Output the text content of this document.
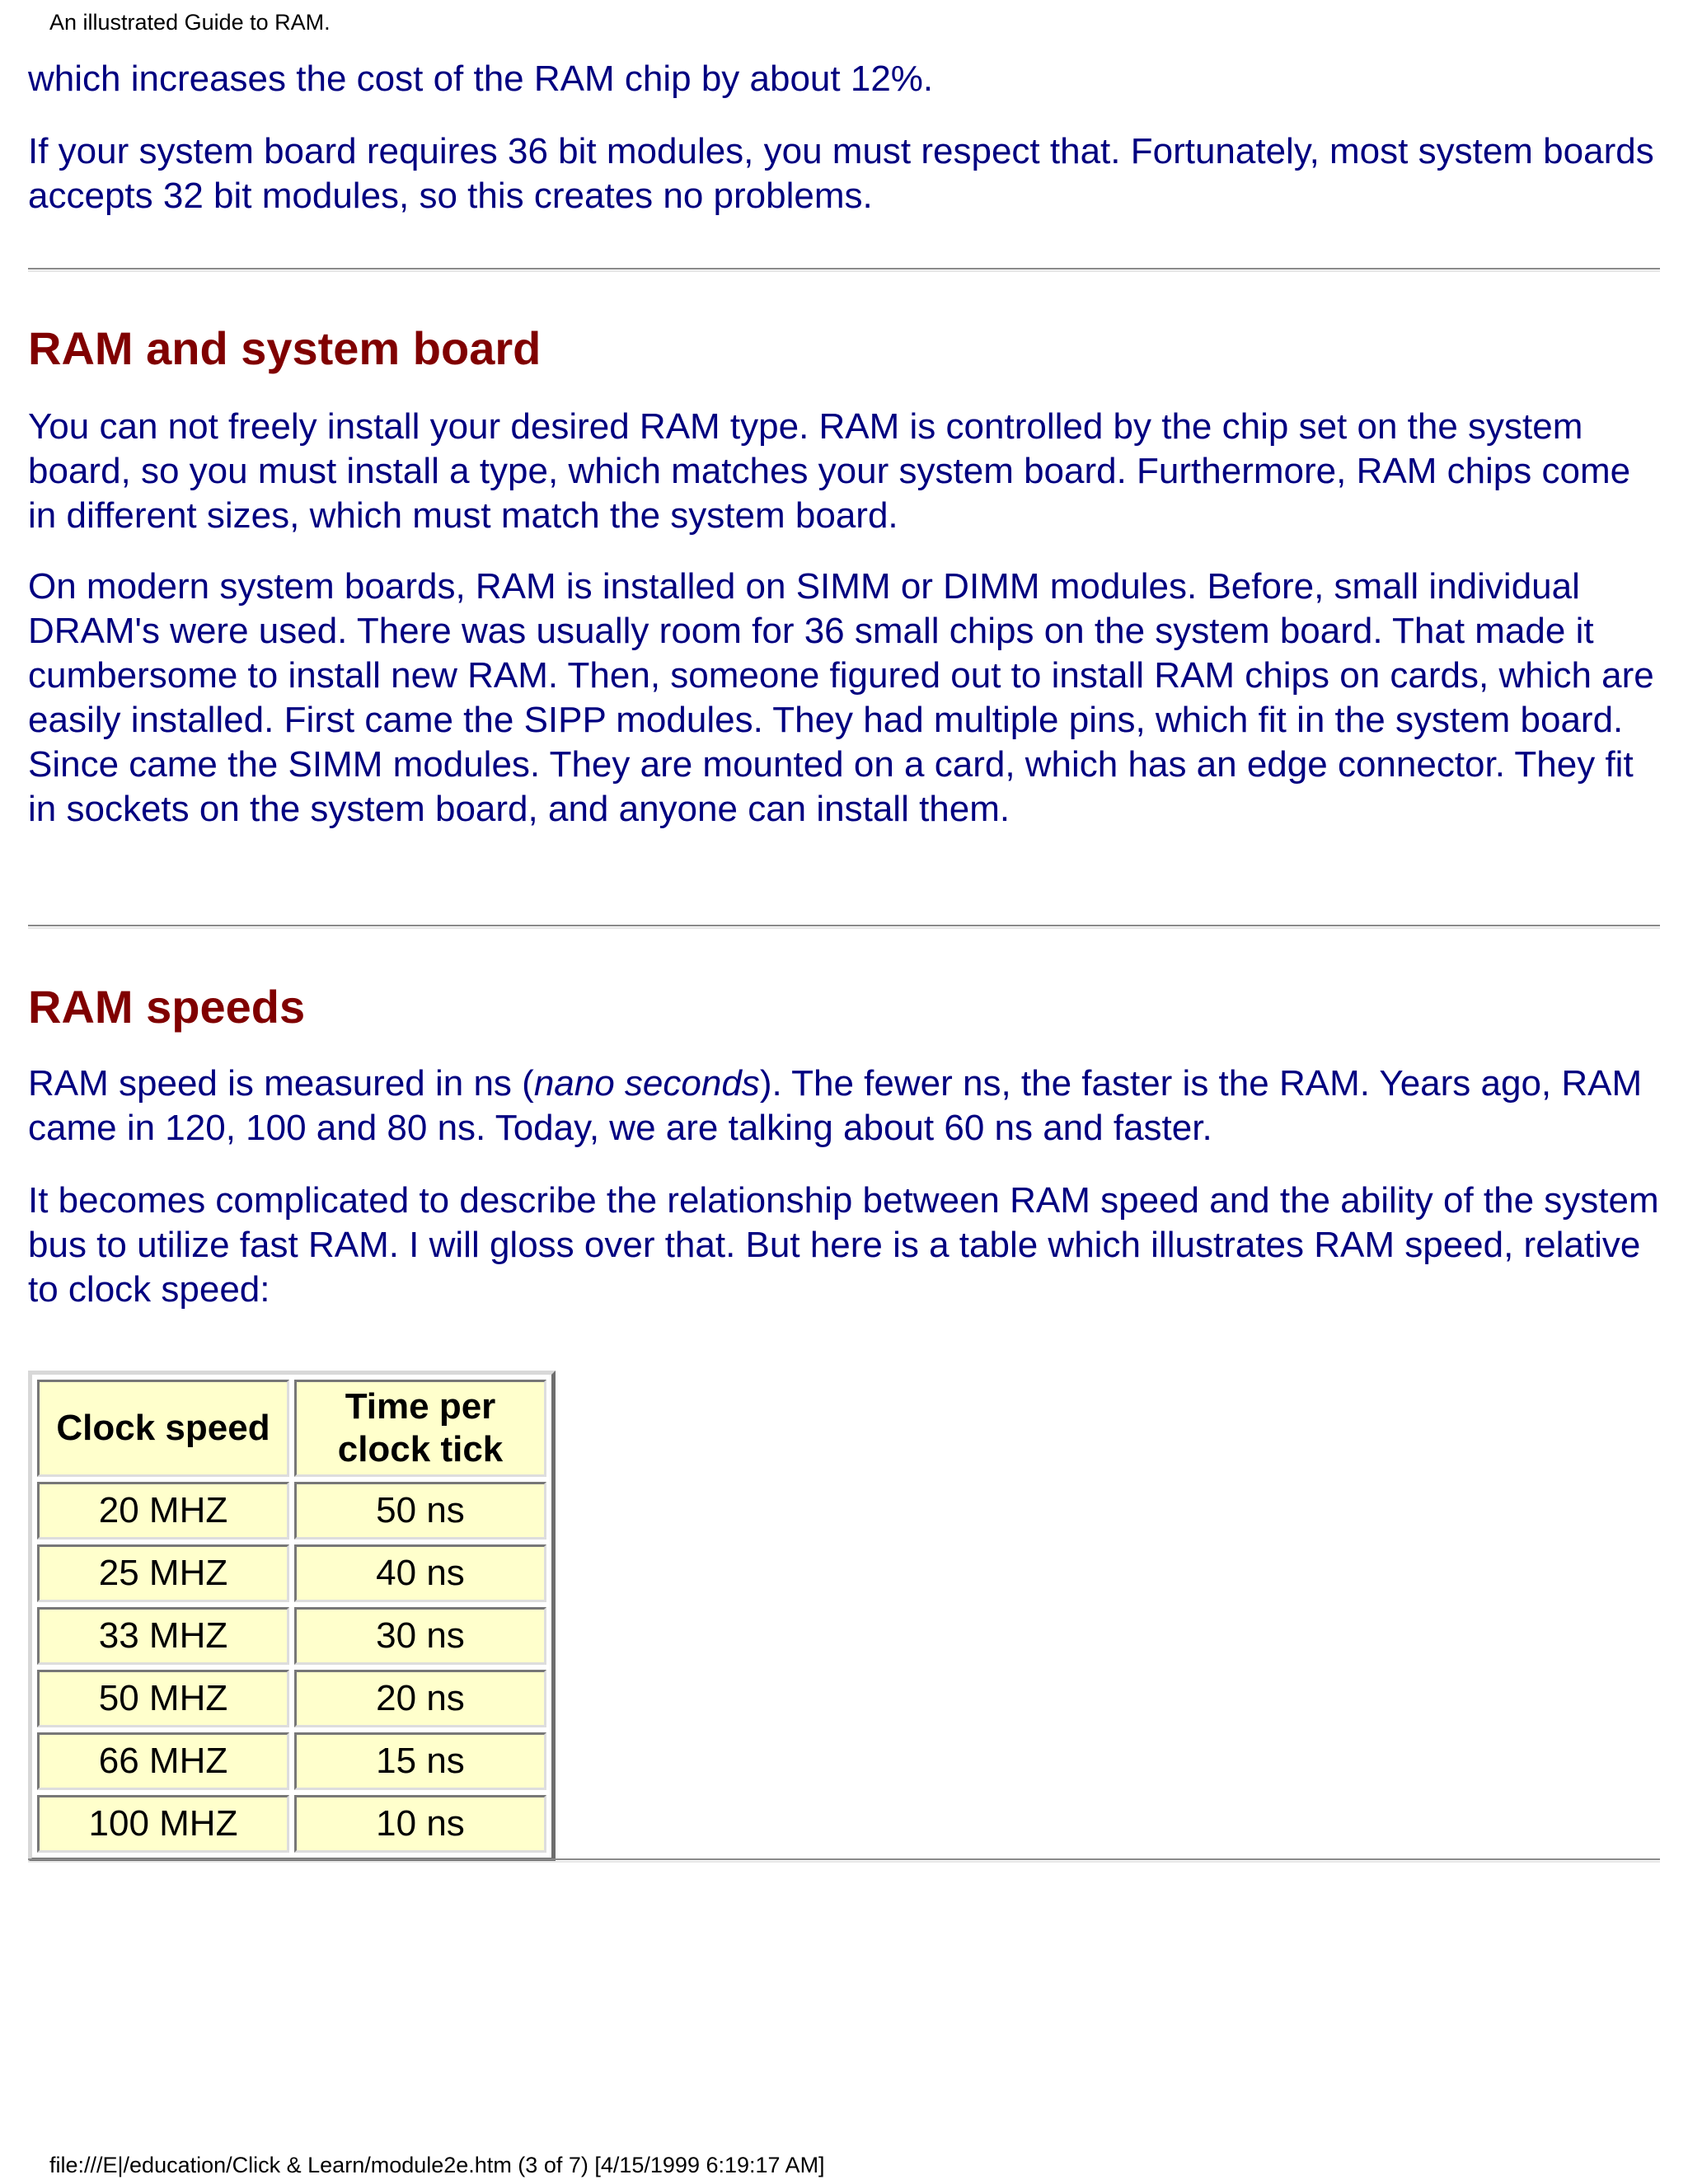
An illustrated Guide to RAM.

which increases the cost of the RAM chip by about 12%.

If your system board requires 36 bit modules, you must respect that. Fortunately, most system boards accepts 32 bit modules, so this creates no problems.

RAM and system board

You can not freely install your desired RAM type. RAM is controlled by the chip set on the system board, so you must install a type, which matches your system board. Furthermore, RAM chips come in different sizes, which must match the system board.

On modern system boards, RAM is installed on SIMM or DIMM modules. Before, small individual DRAM's were used. There was usually room for 36 small chips on the system board. That made it cumbersome to install new RAM. Then, someone figured out to install RAM chips on cards, which are easily installed. First came the SIPP modules. They had multiple pins, which fit in the system board. Since came the SIMM modules. They are mounted on a card, which has an edge connector. They fit in sockets on the system board, and anyone can install them.

RAM speeds

RAM speed is measured in ns (nano seconds). The fewer ns, the faster is the RAM. Years ago, RAM came in 120, 100 and 80 ns. Today, we are talking about 60 ns and faster.

It becomes complicated to describe the relationship between RAM speed and the ability of the system bus to utilize fast RAM. I will gloss over that. But here is a table which illustrates RAM speed, relative to clock speed:

Clock speed	Time per clock tick
20 MHZ	50 ns
25 MHZ	40 ns
33 MHZ	30 ns
50 MHZ	20 ns
66 MHZ	15 ns
100 MHZ	10 ns
file:///E|/education/Click & Learn/module2e.htm (3 of 7) [4/15/1999 6:19:17 AM]
